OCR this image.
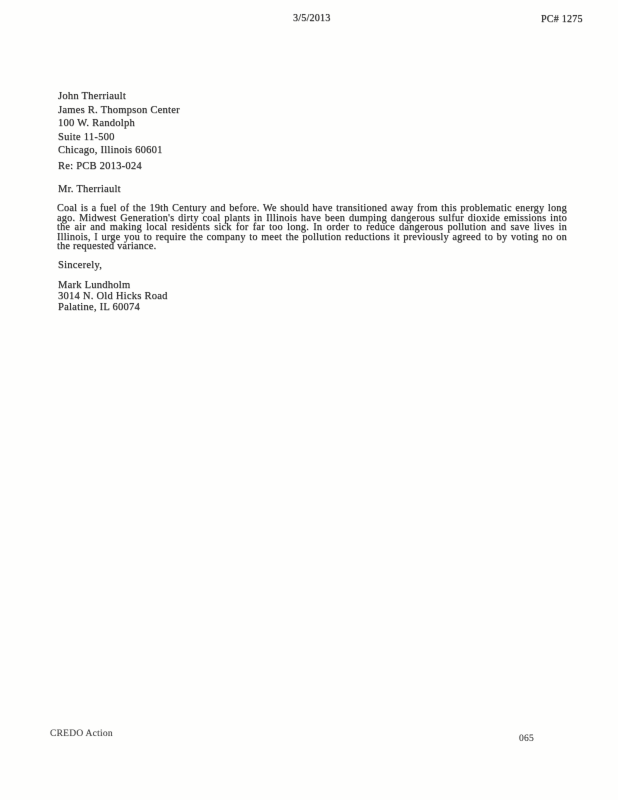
3/5/2013	PC# 1275
John Therriault
James R. Thompson Center
100 W. Randolph
Suite 11-500
Chicago, Illinois 60601
Re: PCB 2013-024
Mr. Therriault
Coal is a fuel of the 19th Century and before. We should have transitioned away from this problematic energy long ago. Midwest Generation's dirty coal plants in Illinois have been dumping dangerous sulfur dioxide emissions into the air and making local residents sick for far too long. In order to reduce dangerous pollution and save lives in Illinois, I urge you to require the company to meet the pollution reductions it previously agreed to by voting no on the requested variance.
Sincerely,
Mark Lundholm
3014 N. Old Hicks Road
Palatine, IL 60074
CREDO Action	065
